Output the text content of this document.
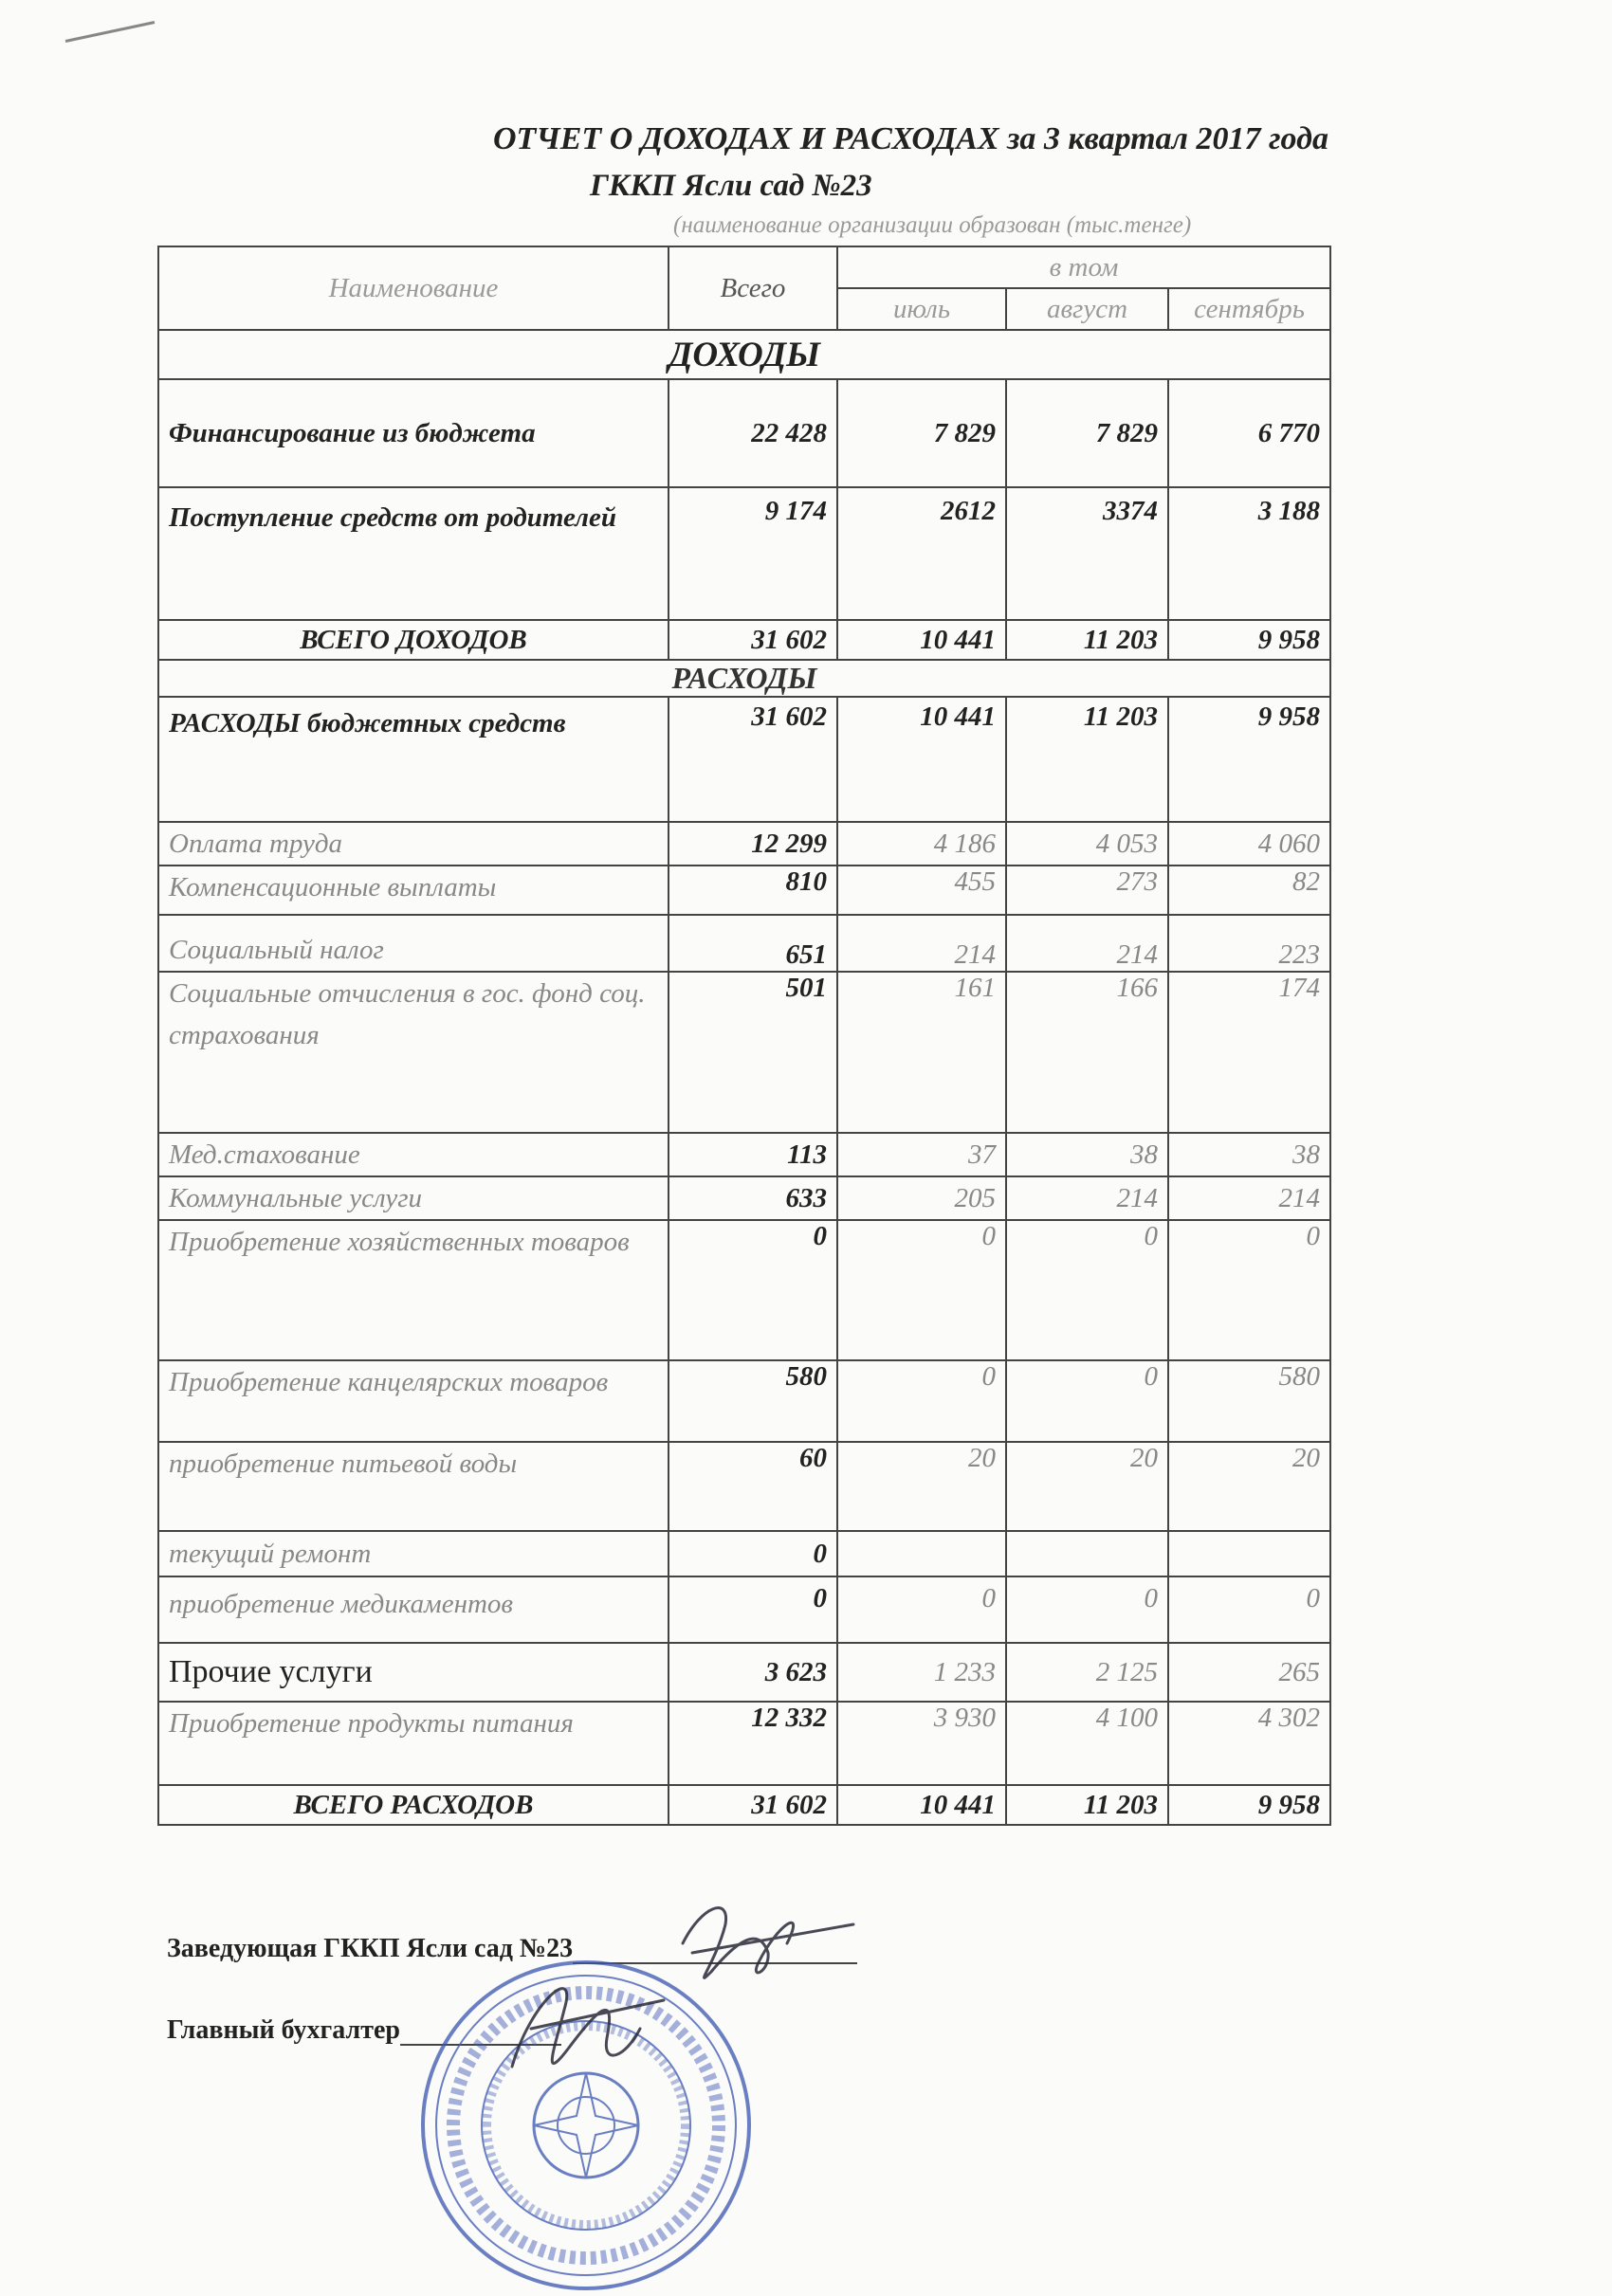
ОТЧЕТ О ДОХОДАХ И РАСХОДАХ за 3 квартал 2017 года
ГККП Ясли сад №23
(наименование организации образован (тыс.тенге)
Наименование	Всего	в том		
		июль	август	сентябрь
ДОХОДЫ				
Финансирование из бюджета	22 428	7 829	7 829	6 770
Поступление средств от родителей	9 174	2612	3374	3 188
ВСЕГО ДОХОДОВ	31 602	10 441	11 203	9 958
РАСХОДЫ				
РАСХОДЫ бюджетных средств	31 602	10 441	11 203	9 958
Оплата труда	12 299	4 186	4 053	4 060
Компенсационные выплаты	810	455	273	82
Социальный налог	651	214	214	223
Социальные отчисления в гос. фонд соц. страхования	501	161	166	174
Мед.стахование	113	37	38	38
Коммунальные услуги	633	205	214	214
Приобретение хозяйственных товаров	0	0	0	0
Приобретение канцелярских товаров	580	0	0	580
приобретение питьевой воды	60	20	20	20
текущий ремонт	0			
приобретение медикаментов	0	0	0	0
Прочие услуги	3 623	1 233	2 125	265
Приобретение продукты питания	12 332	3 930	4 100	4 302
ВСЕГО РАСХОДОВ	31 602	10 441	11 203	9 958
Заведующая ГККП Ясли сад №23
Главный бухгалтер
